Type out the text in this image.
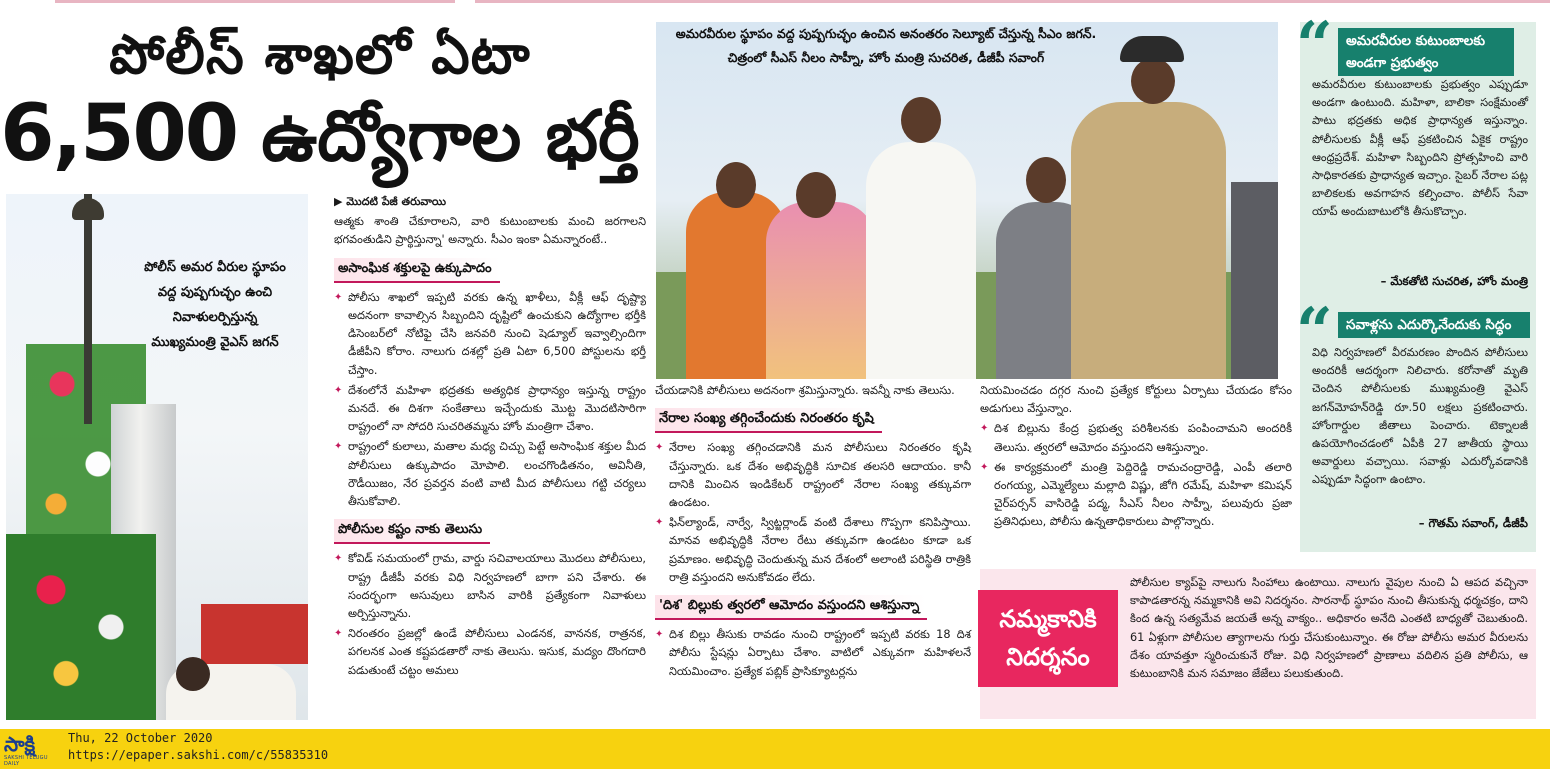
పోలీస్ శాఖలో ఏటా
6,500 ఉద్యోగాల భర్తీ
పోలీస్ అమర వీరుల స్థూపం వద్ద పుష్పగుచ్ఛం ఉంచి నివాళులర్పిస్తున్న ముఖ్యమంత్రి వైఎస్ జగన్
అమరవీరుల స్థూపం వద్ద పుష్పగుచ్ఛం ఉంచిన అనంతరం సెల్యూట్ చేస్తున్న సీఎం జగన్. చిత్రంలో సీఎస్ నీలం సాహ్నీ, హోం మంత్రి సుచరిత, డీజీపీ సవాంగ్
▶ మొదటి పేజీ తరువాయి
ఆత్మకు శాంతి చేకూరాలని, వారి కుటుంబాలకు మంచి జరగాలని భగవంతుడిని ప్రార్థిస్తున్నా' అన్నారు. సీఎం ఇంకా ఏమన్నారంటే..
అసాంఘిక శక్తులపై ఉక్కుపాదం
✦ పోలీసు శాఖలో ఇప్పటి వరకు ఉన్న ఖాళీలు, వీక్లీ ఆఫ్ దృష్ట్యా అదనంగా కావాల్సిన సిబ్బందిని దృష్టిలో ఉంచుకుని ఉద్యోగాల భర్తీకి డిసెంబర్‌లో నోటిఫై చేసి జనవరి నుంచి షెడ్యూల్ ఇవ్వాల్సిందిగా డీజీపీని కోరాం. నాలుగు దశల్లో ప్రతి ఏటా 6,500 పోస్టులను భర్తీ చేస్తాం.
✦ దేశంలోనే మహిళా భద్రతకు అత్యధిక ప్రాధాన్యం ఇస్తున్న రాష్ట్రం మనదే. ఈ దిశగా సంకేతాలు ఇచ్చేందుకు మొట్ట మొదటిసారిగా రాష్ట్రంలో నా సోదరి సుచరితమ్మను హోం మంత్రిగా చేశాం.
✦ రాష్ట్రంలో కులాలు, మతాల మధ్య చిచ్చు పెట్టే అసాంఘిక శక్తుల మీద పోలీసులు ఉక్కుపాదం మోపాలి. లంచగొండితనం, అవినీతి, రౌడీయిజం, నేర ప్రవర్తన వంటి వాటి మీద పోలీసులు గట్టి చర్యలు తీసుకోవాలి.
పోలీసుల కష్టం నాకు తెలుసు
✦ కోవిడ్ సమయంలో గ్రామ, వార్డు సచివాలయాలు మొదలు పోలీసులు, రాష్ట్ర డీజీపీ వరకు విధి నిర్వహణలో బాగా పని చేశారు. ఈ సందర్భంగా అసువులు బాసిన వారికి ప్రత్యేకంగా నివాళులు అర్పిస్తున్నాను.
✦ నిరంతరం ప్రజల్లో ఉండే పోలీసులు ఎండనక, వాననక, రాత్రనక, పగలనక ఎంత కష్టపడతారో నాకు తెలుసు. ఇసుక, మద్యం దొంగదారి పడుతుంటే చట్టం అమలు
చేయడానికి పోలీసులు అదనంగా శ్రమిస్తున్నారు. ఇవన్నీ నాకు తెలుసు.
నేరాల సంఖ్య తగ్గించేందుకు నిరంతరం కృషి
✦ నేరాల సంఖ్య తగ్గించడానికి మన పోలీసులు నిరంతరం కృషి చేస్తున్నారు. ఒక దేశం అభివృద్ధికి సూచిక తలసరి ఆదాయం. కానీ దానికి మించిన ఇండికేటర్ రాష్ట్రంలో నేరాల సంఖ్య తక్కువగా ఉండటం.
✦ ఫిన్‌ల్యాండ్, నార్వే, స్విట్జర్లాండ్ వంటి దేశాలు గొప్పగా కనిపిస్తాయి. మానవ అభివృద్ధికి నేరాల రేటు తక్కువగా ఉండటం కూడా ఒక ప్రమాణం. అభివృద్ధి చెందుతున్న మన దేశంలో అలాంటి పరిస్థితి రాత్రికి రాత్రి వస్తుందని అనుకోవడం లేదు.
'దిశ' బిల్లుకు త్వరలో ఆమోదం వస్తుందని ఆశిస్తున్నా
✦ దిశ బిల్లు తీసుకు రావడం నుంచి రాష్ట్రంలో ఇప్పటి వరకు 18 దిశ పోలీసు స్టేషన్లు ఏర్పాటు చేశాం. వాటిలో ఎక్కువగా మహిళలనే నియమించాం. ప్రత్యేక పబ్లిక్ ప్రాసిక్యూటర్లను
నియమించడం దగ్గర నుంచి ప్రత్యేక కోర్టులు ఏర్పాటు చేయడం కోసం అడుగులు వేస్తున్నాం.
✦ దిశ బిల్లును కేంద్ర ప్రభుత్వ పరిశీలనకు పంపించామని అందరికీ తెలుసు. త్వరలో ఆమోదం వస్తుందని ఆశిస్తున్నాం.
✦ ఈ కార్యక్రమంలో మంత్రి పెద్దిరెడ్డి రామచంద్రారెడ్డి, ఎంపీ తలారి రంగయ్య, ఎమ్మెల్యేలు మల్లాది విష్ణు, జోగి రమేష్, మహిళా కమిషన్ చైర్‌పర్సన్ వాసిరెడ్డి పద్మ, సీఎస్ నీలం సాహ్నీ, పలువురు ప్రజా ప్రతినిధులు, పోలీసు ఉన్నతాధికారులు పాల్గొన్నారు.
“ అమరవీరుల కుటుంబాలకు అండగా ప్రభుత్వం
అమరవీరుల కుటుంబాలకు ప్రభుత్వం ఎప్పుడూ అండగా ఉంటుంది. మహిళా, బాలికా సంక్షేమంతో పాటు భద్రతకు అధిక ప్రాధాన్యత ఇస్తున్నాం. పోలీసులకు వీక్లీ ఆఫ్ ప్రకటించిన ఏకైక రాష్ట్రం ఆంధ్రప్రదేశ్. మహిళా సిబ్బందిని ప్రోత్సహించి వారి సాధికారతకు ప్రాధాన్యత ఇచ్చాం. సైబర్ నేరాల పట్ల బాలికలకు అవగాహన కల్పించాం. పోలీస్ సేవా యాప్ అందుబాటులోకి తీసుకొచ్చాం.
– మేకతోటి సుచరిత, హోం మంత్రి
“ సవాళ్లను ఎదుర్కొనేందుకు సిద్ధం
విధి నిర్వహణలో వీరమరణం పొందిన పోలీసులు అందరికీ ఆదర్శంగా నిలిచారు. కరోనాతో మృతి చెందిన పోలీసులకు ముఖ్యమంత్రి వైఎస్ జగన్‌మోహన్‌రెడ్డి రూ.50 లక్షలు ప్రకటించారు. హోంగార్డుల జీతాలు పెంచారు. టెక్నాలజీ ఉపయోగించడంలో ఏపీకి 27 జాతీయ స్థాయి అవార్డులు వచ్చాయి. సవాళ్లు ఎదుర్కోవడానికి ఎప్పుడూ సిద్ధంగా ఉంటాం.
– గౌతమ్ సవాంగ్, డీజీపీ
నమ్మకానికి నిదర్శనం
పోలీసుల క్యాప్‌పై నాలుగు సింహాలు ఉంటాయి. నాలుగు వైపుల నుంచి ఏ ఆపద వచ్చినా కాపాడతారన్న నమ్మకానికి అవి నిదర్శనం. సారనాథ్ స్థూపం నుంచి తీసుకున్న ధర్మచక్రం, దాని కింద ఉన్న సత్యమేవ జయతే అన్న వాక్యం.. అధికారం అనేది ఎంతటి బాధ్యతో చెబుతుంది. 61 ఏళ్లుగా పోలీసుల త్యాగాలను గుర్తు చేసుకుంటున్నాం. ఈ రోజు పోలీసు అమర వీరులను దేశం యావత్తూ స్మరించుకునే రోజు. విధి నిర్వహణలో ప్రాణాలు వదిలిన ప్రతి పోలీసు, ఆ కుటుంబానికి మన సమాజం జేజేలు పలుకుతుంది.
సాక్షి
SAKSHI TELUGU DAILY
Thu, 22 October 2020
https://epaper.sakshi.com/c/55835310
